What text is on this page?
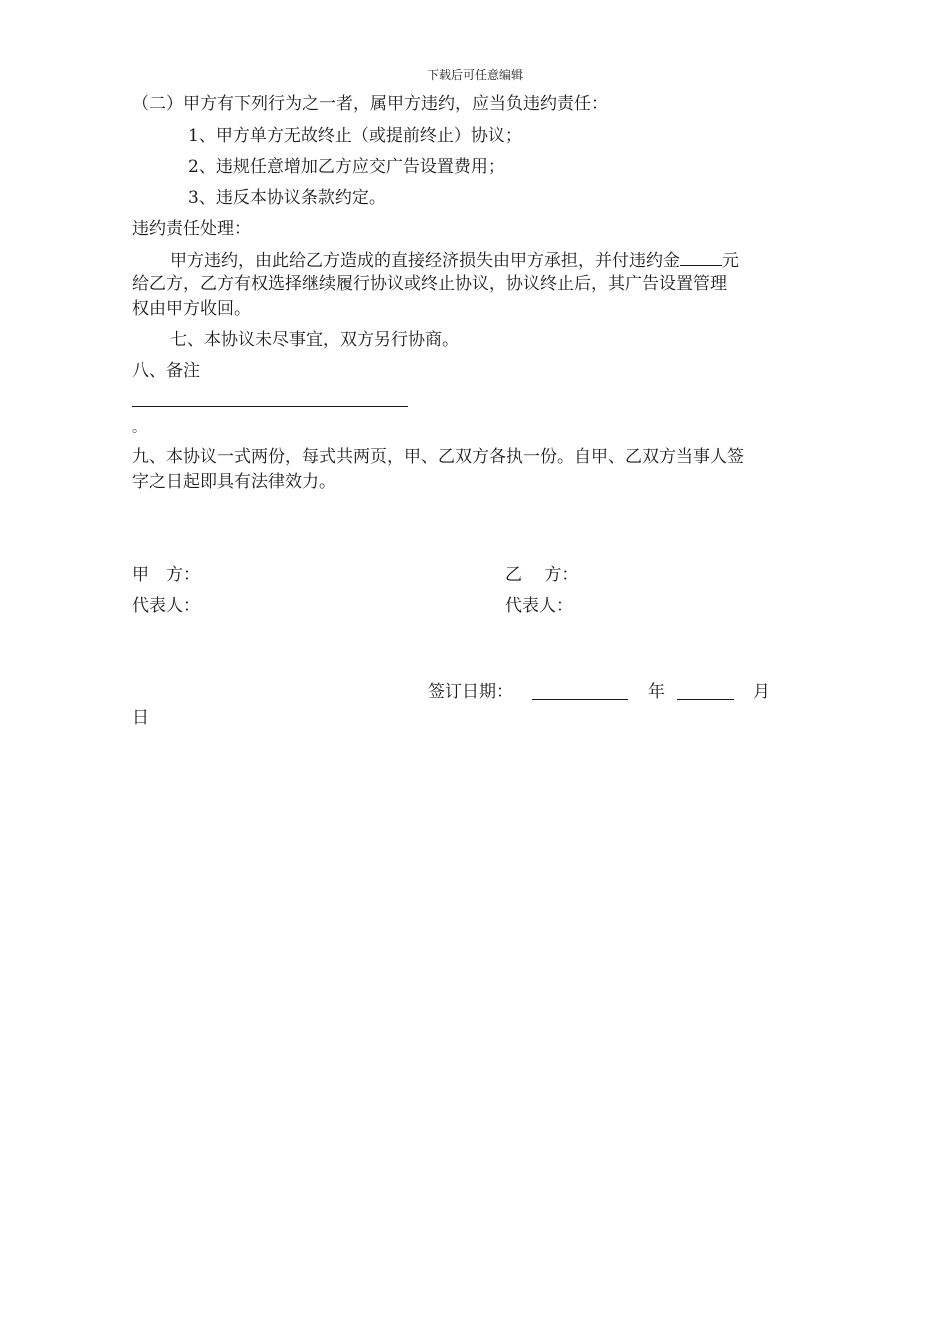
下载后可任意编辑
（二）甲方有下列行为之一者，属甲方违约，应当负违约责任：
1、甲方单方无故终止（或提前终止）协议；
2、违规任意增加乙方应交广告设置费用；
3、违反本协议条款约定。
违约责任处理：
甲方违约，由此给乙方造成的直接经济损失由甲方承担，并付违约金 元
给乙方，乙方有权选择继续履行协议或终止协议，协议终止后，其广告设置管理
权由甲方收回。
七、本协议未尽事宜，双方另行协商。
八、备注
。
九、本协议一式两份，每式共两页，甲、乙双方各执一份。自甲、乙双方当事人签
字之日起即具有法律效力。
甲　方：	乙　 方：
代表人：	代表人：
签订日期：	年	月
日
